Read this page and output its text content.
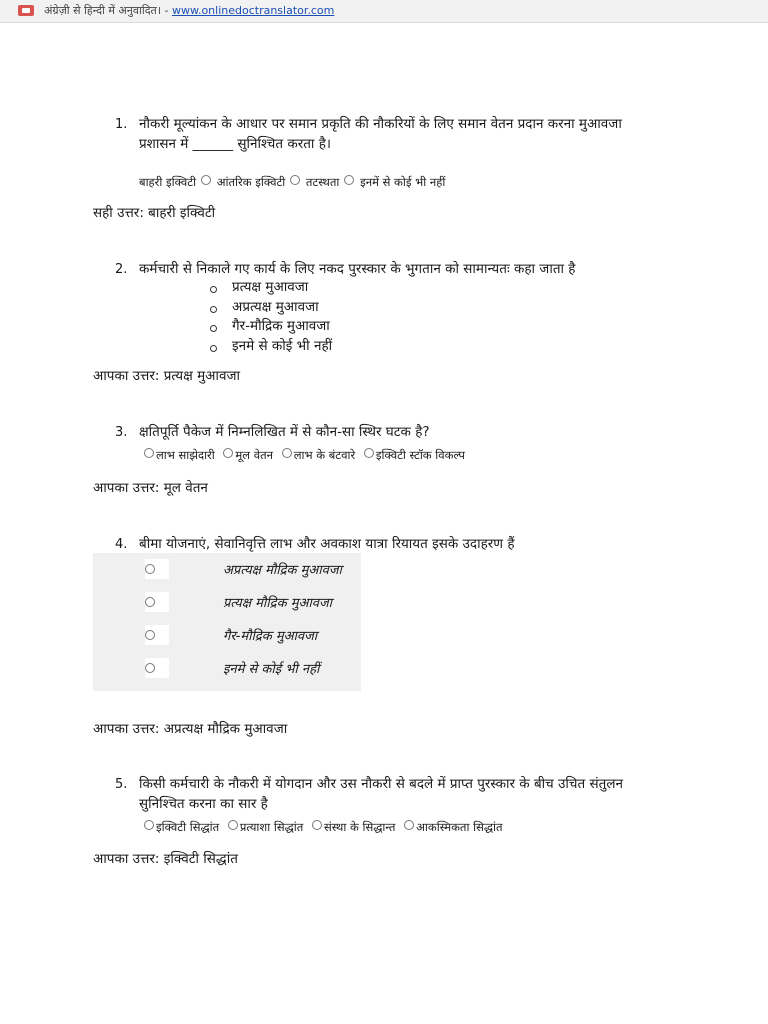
अंग्रेज़ी से हिन्दी में अनुवादित। - www.onlinedoctranslator.com
1. नौकरी मूल्यांकन के आधार पर समान प्रकृति की नौकरियों के लिए समान वेतन प्रदान करना मुआवजा
प्रशासन में ______ सुनिश्चित करता है।
बाहरी इक्विटी आंतरिक इक्विटी तटस्थता इनमें से कोई भी नहीं
सही उत्तर: बाहरी इक्विटी
2. कर्मचारी से निकाले गए कार्य के लिए नकद पुरस्कार के भुगतान को सामान्यतः कहा जाता है
प्रत्यक्ष मुआवजा
अप्रत्यक्ष मुआवजा
गैर-मौद्रिक मुआवजा
इनमे से कोई भी नहीं
आपका उत्तर: प्रत्यक्ष मुआवजा
3. क्षतिपूर्ति पैकेज में निम्नलिखित में से कौन-सा स्थिर घटक है?
लाभ साझेदारी मूल वेतन लाभ के बंटवारे इक्विटी स्टॉक विकल्प
आपका उत्तर: मूल वेतन
4. बीमा योजनाएं, सेवानिवृत्ति लाभ और अवकाश यात्रा रियायत इसके उदाहरण हैं
अप्रत्यक्ष मौद्रिक मुआवजा
प्रत्यक्ष मौद्रिक मुआवजा
गैर-मौद्रिक मुआवजा
इनमे से कोई भी नहीं
आपका उत्तर: अप्रत्यक्ष मौद्रिक मुआवजा
5. किसी कर्मचारी के नौकरी में योगदान और उस नौकरी से बदले में प्राप्त पुरस्कार के बीच उचित संतुलन
सुनिश्चित करना का सार है
इक्विटी सिद्धांत प्रत्याशा सिद्धांत संस्था के सिद्धान्त आकस्मिकता सिद्धांत
आपका उत्तर: इक्विटी सिद्धांत
